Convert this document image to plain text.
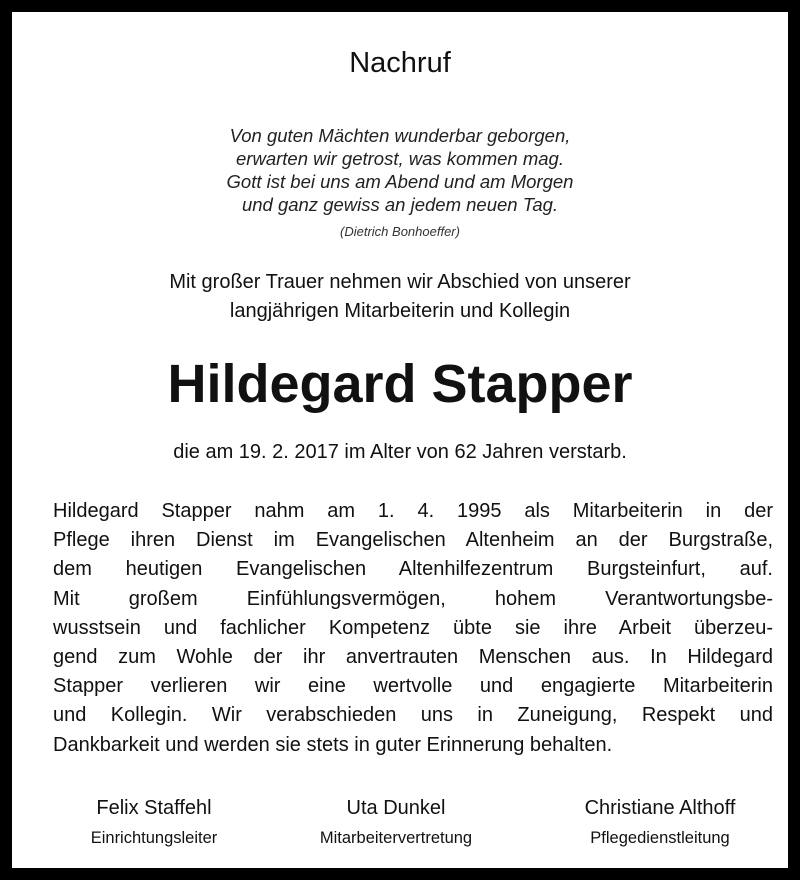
Nachruf
Von guten Mächten wunderbar geborgen,
erwarten wir getrost, was kommen mag.
Gott ist bei uns am Abend und am Morgen
und ganz gewiss an jedem neuen Tag.
(Dietrich Bonhoeffer)
Mit großer Trauer nehmen wir Abschied von unserer
langjährigen Mitarbeiterin und Kollegin
Hildegard Stapper
die am 19. 2. 2017 im Alter von 62 Jahren verstarb.
Hildegard Stapper nahm am 1. 4. 1995 als Mitarbeiterin in der
Pflege ihren Dienst im Evangelischen Altenheim an der Burgstraße,
dem heutigen Evangelischen Altenhilfezentrum Burgsteinfurt, auf.
Mit großem Einfühlungsvermögen, hohem Verantwortungsbe-
wusstsein und fachlicher Kompetenz übte sie ihre Arbeit überzeu-
gend zum Wohle der ihr anvertrauten Menschen aus. In Hildegard
Stapper verlieren wir eine wertvolle und engagierte Mitarbeiterin
und Kollegin. Wir verabschieden uns in Zuneigung, Respekt und
Dankbarkeit und werden sie stets in guter Erinnerung behalten.
Felix Staffehl
Einrichtungsleiter
Uta Dunkel
Mitarbeitervertretung
Christiane Althoff
Pflegedienstleitung
